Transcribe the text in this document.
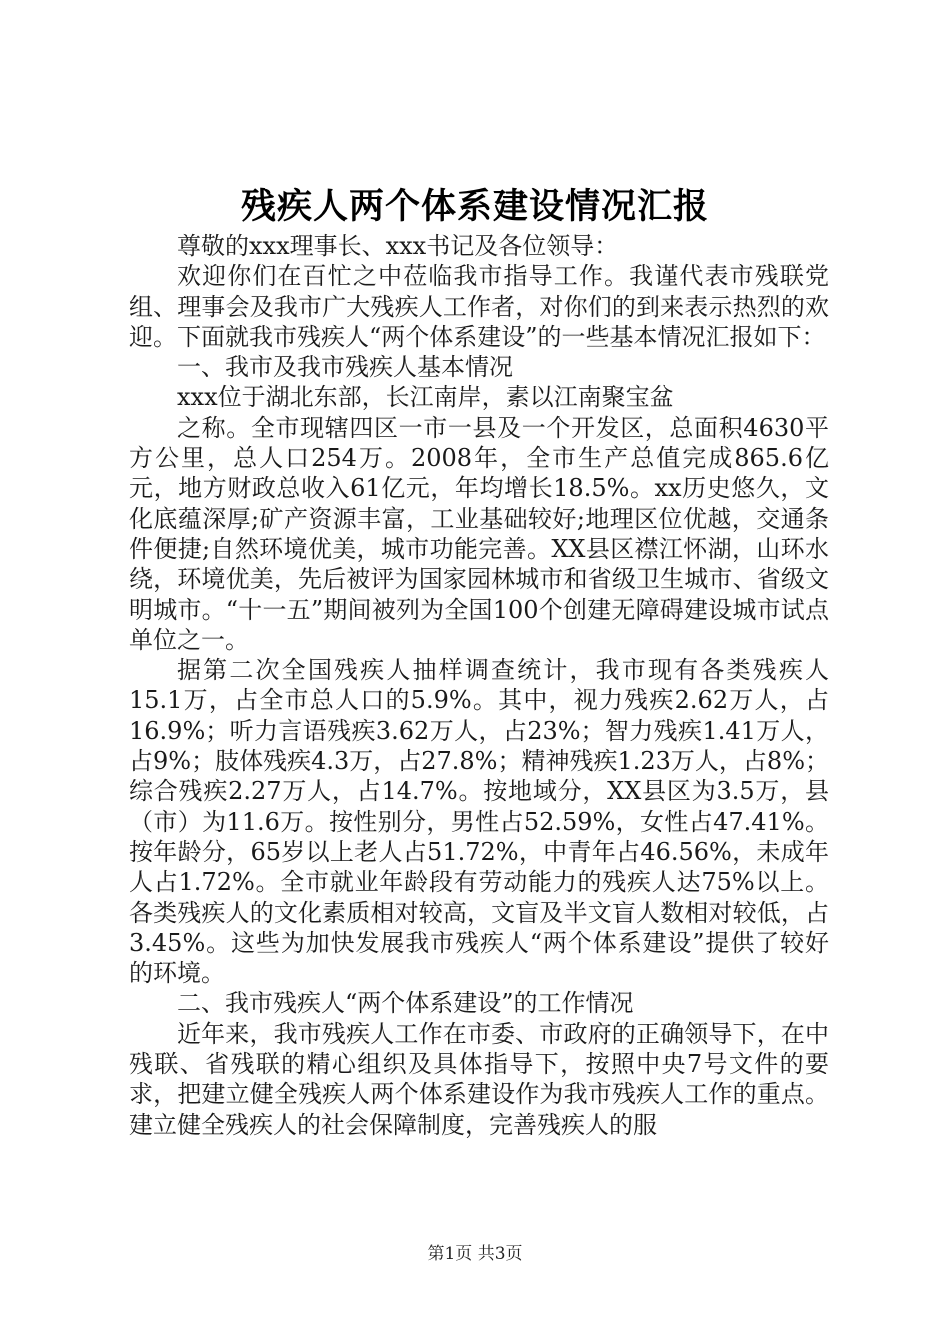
残疾人两个体系建设情况汇报

尊敬的xxx理事长、xxx书记及各位领导：

欢迎你们在百忙之中莅临我市指导工作。我谨代表市残联党组、理事会及我市广大残疾人工作者，对你们的到来表示热烈的欢迎。下面就我市残疾人“两个体系建设”的一些基本情况汇报如下：

一、我市及我市残疾人基本情况

xxx位于湖北东部，长江南岸，素以江南聚宝盆

之称。全市现辖四区一市一县及一个开发区，总面积4630平方公里，总人口254万。2008年，全市生产总值完成865.6亿元，地方财政总收入61亿元，年均增长18.5%。xx历史悠久，文化底蕴深厚;矿产资源丰富，工业基础较好;地理区位优越，交通条件便捷;自然环境优美，城市功能完善。XX县区襟江怀湖，山环水绕，环境优美，先后被评为国家园林城市和省级卫生城市、省级文明城市。“十一五”期间被列为全国100个创建无障碍建设城市试点单位之一。

据第二次全国残疾人抽样调查统计，我市现有各类残疾人15.1万，占全市总人口的5.9%。其中，视力残疾2.62万人，占16.9%；听力言语残疾3.62万人，占23%；智力残疾1.41万人，占9%；肢体残疾4.3万，占27.8%；精神残疾1.23万人，占8%；综合残疾2.27万人，占14.7%。按地域分，XX县区为3.5万，县（市）为11.6万。按性别分，男性占52.59%，女性占47.41%。按年龄分，65岁以上老人占51.72%，中青年占46.56%，未成年人占1.72%。全市就业年龄段有劳动能力的残疾人达75%以上。各类残疾人的文化素质相对较高，文盲及半文盲人数相对较低，占3.45%。这些为加快发展我市残疾人“两个体系建设”提供了较好的环境。

二、我市残疾人“两个体系建设”的工作情况

近年来，我市残疾人工作在市委、市政府的正确领导下，在中残联、省残联的精心组织及具体指导下，按照中央7号文件的要求，把建立健全残疾人两个体系建设作为我市残疾人工作的重点。建立健全残疾人的社会保障制度，完善残疾人的服

第1页 共3页
